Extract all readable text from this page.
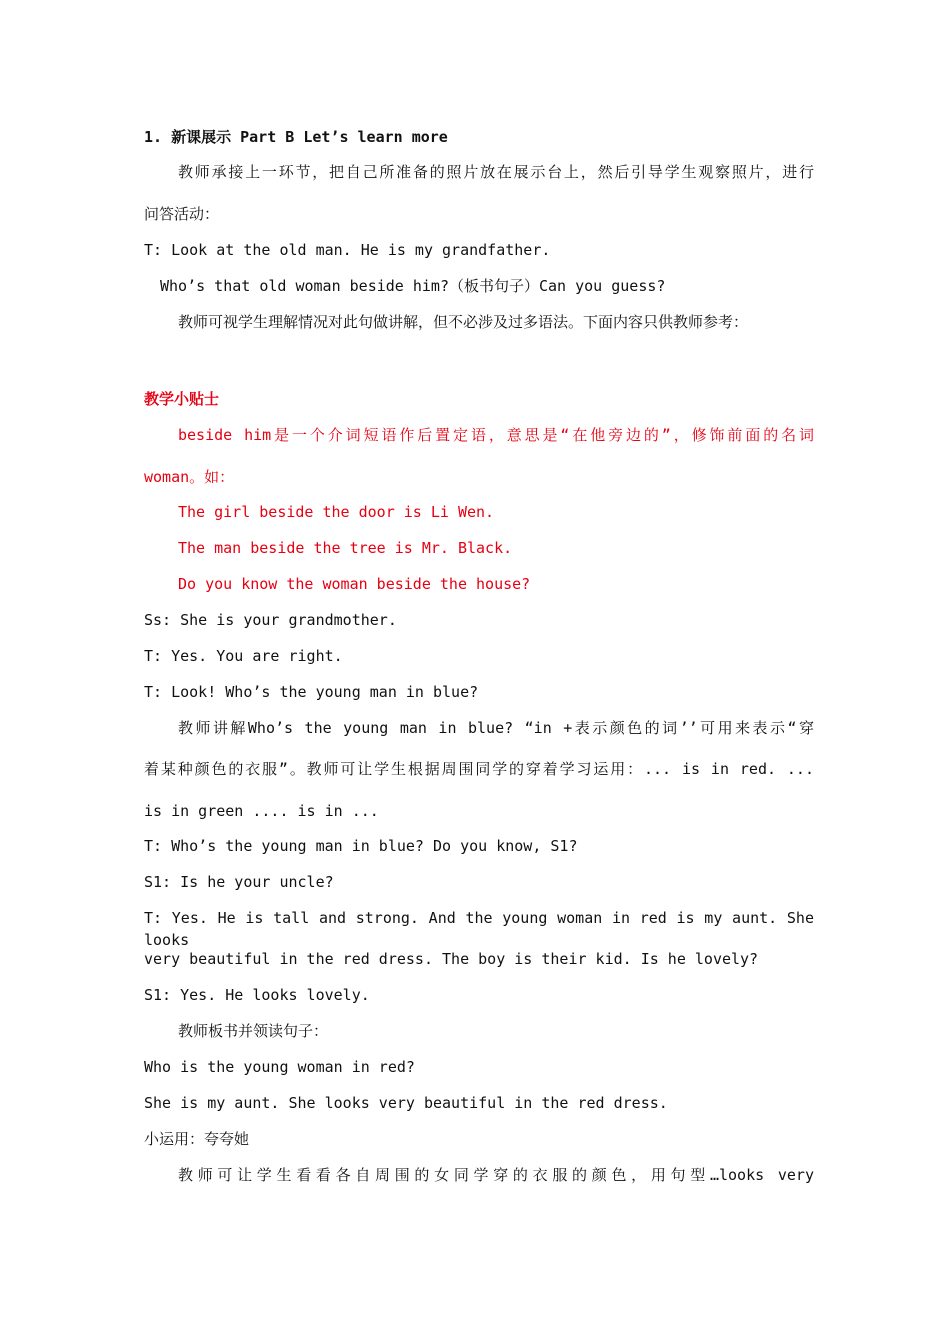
1. 新课展示 Part B Let’s learn more
教师承接上一环节，把自己所准备的照片放在展示台上，然后引导学生观察照片，进行
问答活动：
T: Look at the old man. He is my grandfather.
Who’s that old woman beside him?（板书句子）Can you guess?
教师可视学生理解情况对此句做讲解，但不必涉及过多语法。下面内容只供教师参考：
教学小贴士
beside him是一个介词短语作后置定语，意思是“在他旁边的”，修饰前面的名词
woman。如：
The girl beside the door is Li Wen.
The man beside the tree is Mr. Black.
Do you know the woman beside the house?
Ss: She is your grandmother.
T: Yes. You are right.
T: Look! Who’s the young man in blue?
教师讲解Who’s the young man in blue? “in +表示颜色的词’’可用来表示“穿
着某种颜色的衣服”。教师可让学生根据周围同学的穿着学习运用：... is in red. ...
is in green .... is in ...
T: Who’s the young man in blue? Do you know, S1?
S1: Is he your uncle?
T: Yes. He is tall and strong. And the young woman in red is my aunt. She looks
very beautiful in the red dress. The boy is their kid. Is he lovely?
S1: Yes. He looks lovely.
教师板书并领读句子：
Who is the young woman in red?
She is my aunt. She looks very beautiful in the red dress.
小运用：夸夸她
教师可让学生看看各自周围的女同学穿的衣服的颜色，用句型…looks very
